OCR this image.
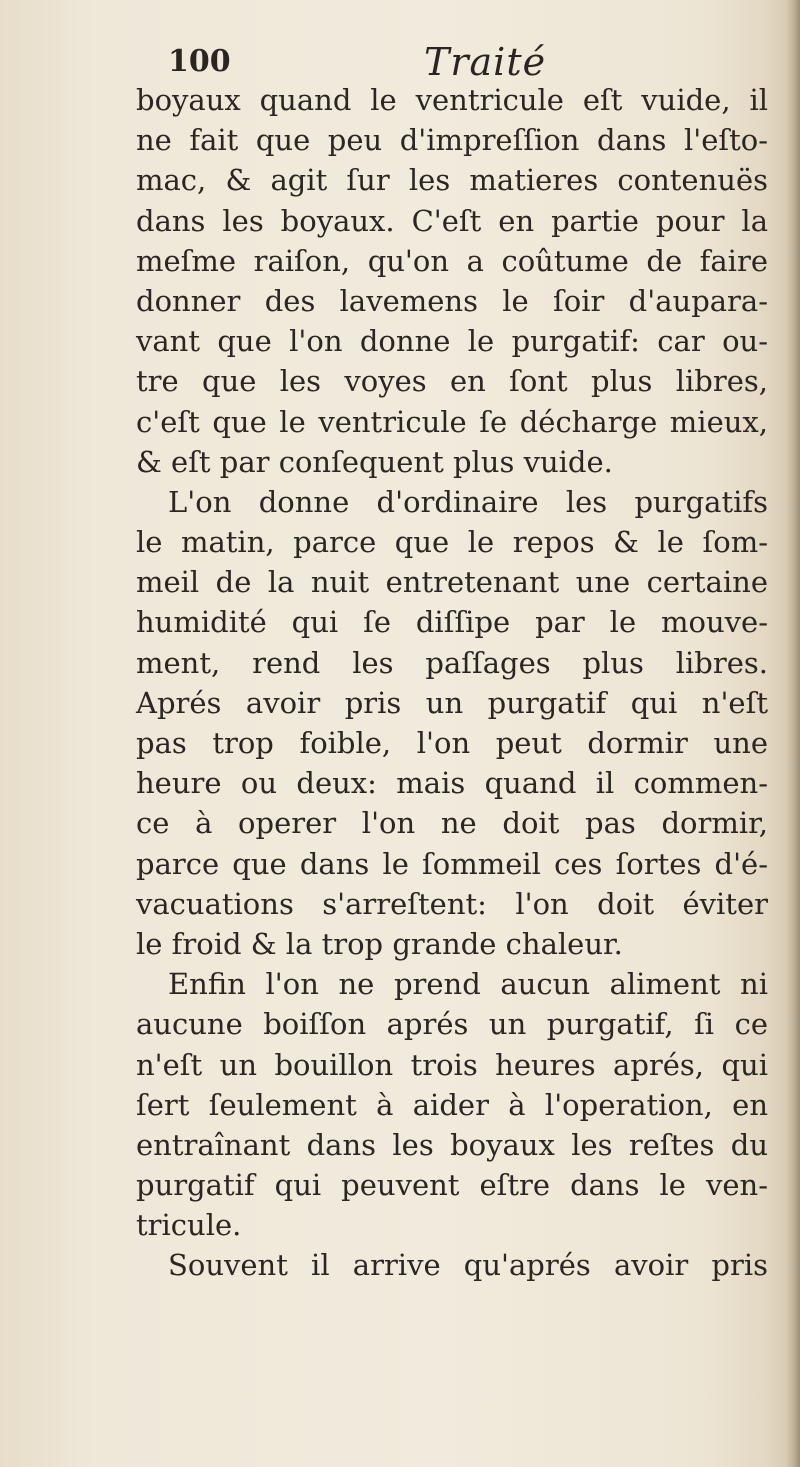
100	Traité
boyaux quand le ventricule eſt vuide, il
ne fait que peu d'impreſſion dans l'eſto-
mac, & agit ſur les matieres contenuës
dans les boyaux. C'eſt en partie pour la
meſme raiſon, qu'on a coûtume de faire
donner des lavemens le ſoir d'aupara-
vant que l'on donne le purgatif: car ou-
tre que les voyes en ſont plus libres,
c'eſt que le ventricule ſe décharge mieux,
& eſt par conſequent plus vuide.
L'on donne d'ordinaire les purgatifs
le matin, parce que le repos & le ſom-
meil de la nuit entretenant une certaine
humidité qui ſe diſſipe par le mouve-
ment, rend les paſſages plus libres.
Aprés avoir pris un purgatif qui n'eſt
pas trop foible, l'on peut dormir une
heure ou deux: mais quand il commen-
ce à operer l'on ne doit pas dormir,
parce que dans le ſommeil ces ſortes d'é-
vacuations s'arreſtent: l'on doit éviter
le froid & la trop grande chaleur.
Enfin l'on ne prend aucun aliment ni
aucune boiſſon aprés un purgatif, ſi ce
n'eſt un bouillon trois heures aprés, qui
ſert ſeulement à aider à l'operation, en
entraînant dans les boyaux les reſtes du
purgatif qui peuvent eſtre dans le ven-
tricule.
Souvent il arrive qu'aprés avoir pris
